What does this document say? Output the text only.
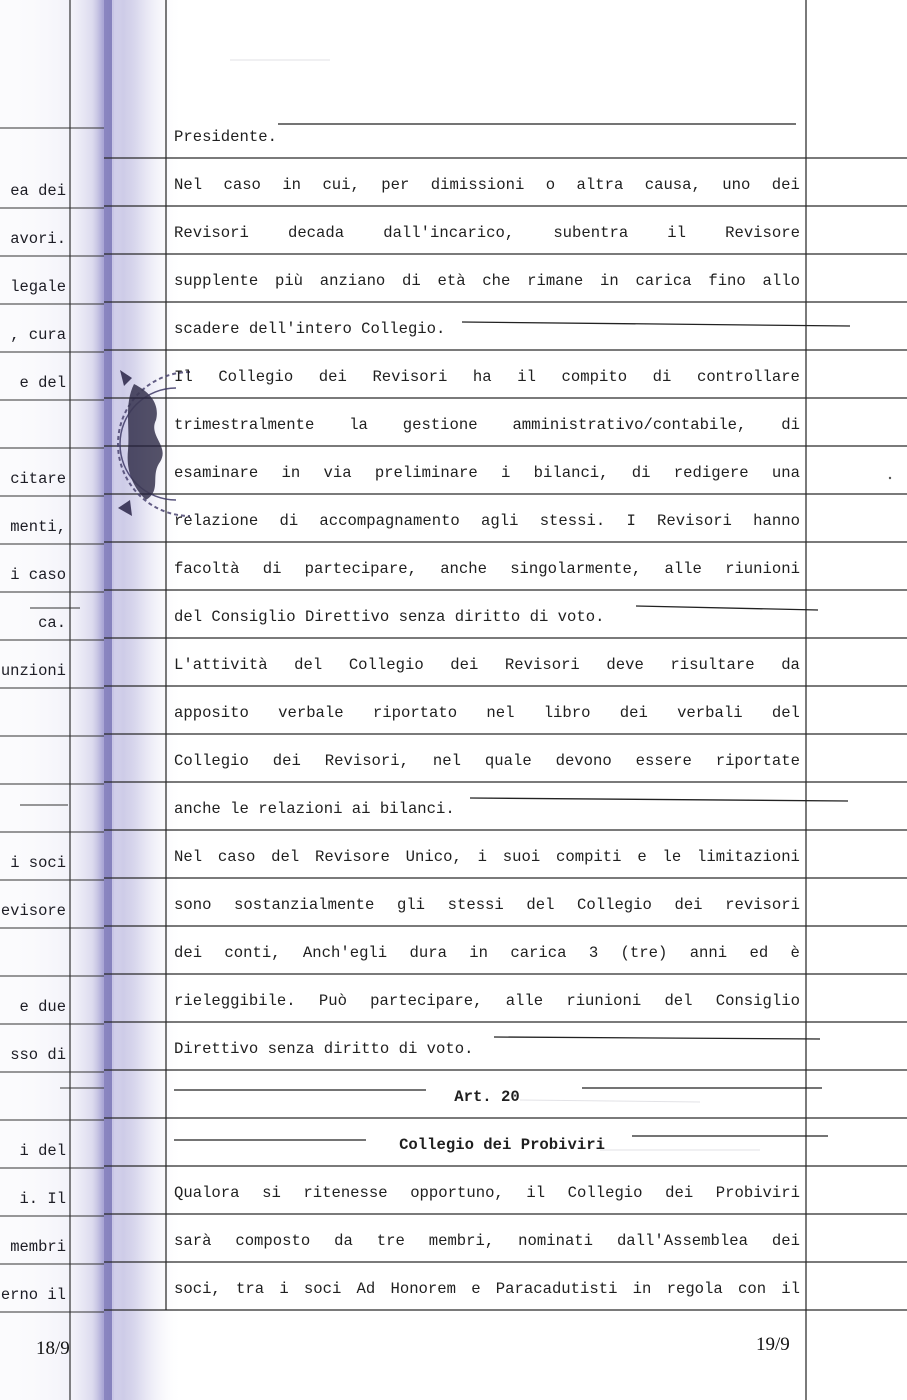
ea dei
avori.
legale
, cura
e del
citare
menti,
i caso
ca.
unzioni
i soci
evisore
e due
sso di
i del
i. Il
membri
erno il
18/9
Presidente.
Nel caso in cui, per dimissioni o altra causa, uno dei
Revisori	decada	dall'incarico,	subentra	il	Revisore
supplente più anziano di età che rimane in carica fino allo
scadere dell'intero Collegio.
Il Collegio dei Revisori ha il compito di controllare
trimestralmente la gestione amministrativo/contabile, di
esaminare in via preliminare i bilanci, di redigere una
relazione di accompagnamento agli stessi. I Revisori hanno
facoltà di partecipare, anche singolarmente, alle riunioni
del Consiglio Direttivo senza diritto di voto.
L'attività del Collegio dei Revisori deve risultare da
apposito verbale riportato nel libro dei verbali del
Collegio dei Revisori, nel quale devono essere riportate
anche le relazioni ai bilanci.
Nel caso del Revisore Unico, i suoi compiti e le limitazioni
sono sostanzialmente gli stessi del Collegio dei revisori
dei conti, Anch'egli dura in carica 3 (tre) anni ed è
rieleggibile. Può partecipare, alle riunioni del Consiglio
Direttivo senza diritto di voto.
Art. 20
Collegio dei Probiviri
Qualora si ritenesse opportuno, il Collegio dei Probiviri
sarà composto da tre membri, nominati dall'Assemblea dei
soci, tra i soci Ad Honorem e Paracadutisti in regola con il
19/9
